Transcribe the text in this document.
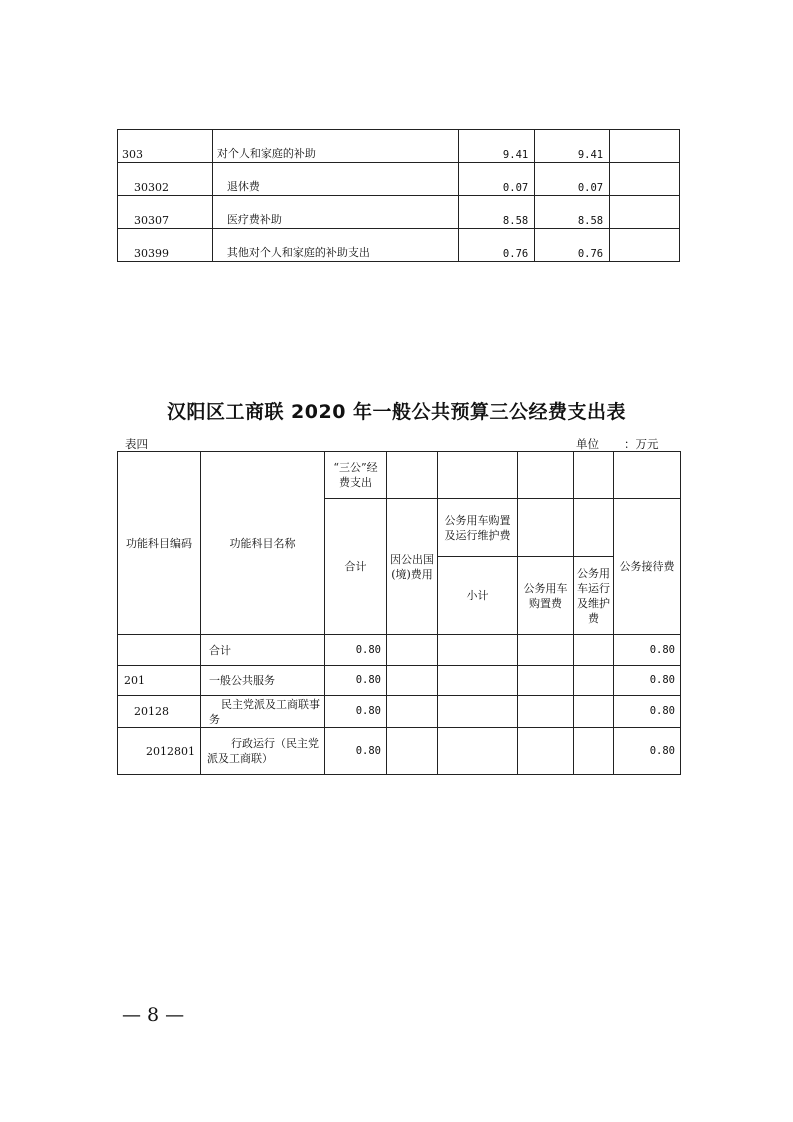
303	对个人和家庭的补助	9.41	9.41	
30302	退休费	0.07	0.07	
30307	医疗费补助	8.58	8.58	
30399	其他对个人和家庭的补助支出	0.76	0.76	
汉阳区工商联 2020 年一般公共预算三公经费支出表
表四	单位 ：万元
功能科目编码	功能科目名称	“三公”经费支出					
		合计	因公出国(境)费用	公务用车购置及运行维护费			公务接待费
				小计	公务用车购置费	公务用车运行及维护费	
	合计	0.80					0.80
201	一般公共服务	0.80					0.80
20128	民主党派及工商联事务	0.80					0.80
2012801	行政运行（民主党派及工商联）	0.80					0.80
— 8 —
